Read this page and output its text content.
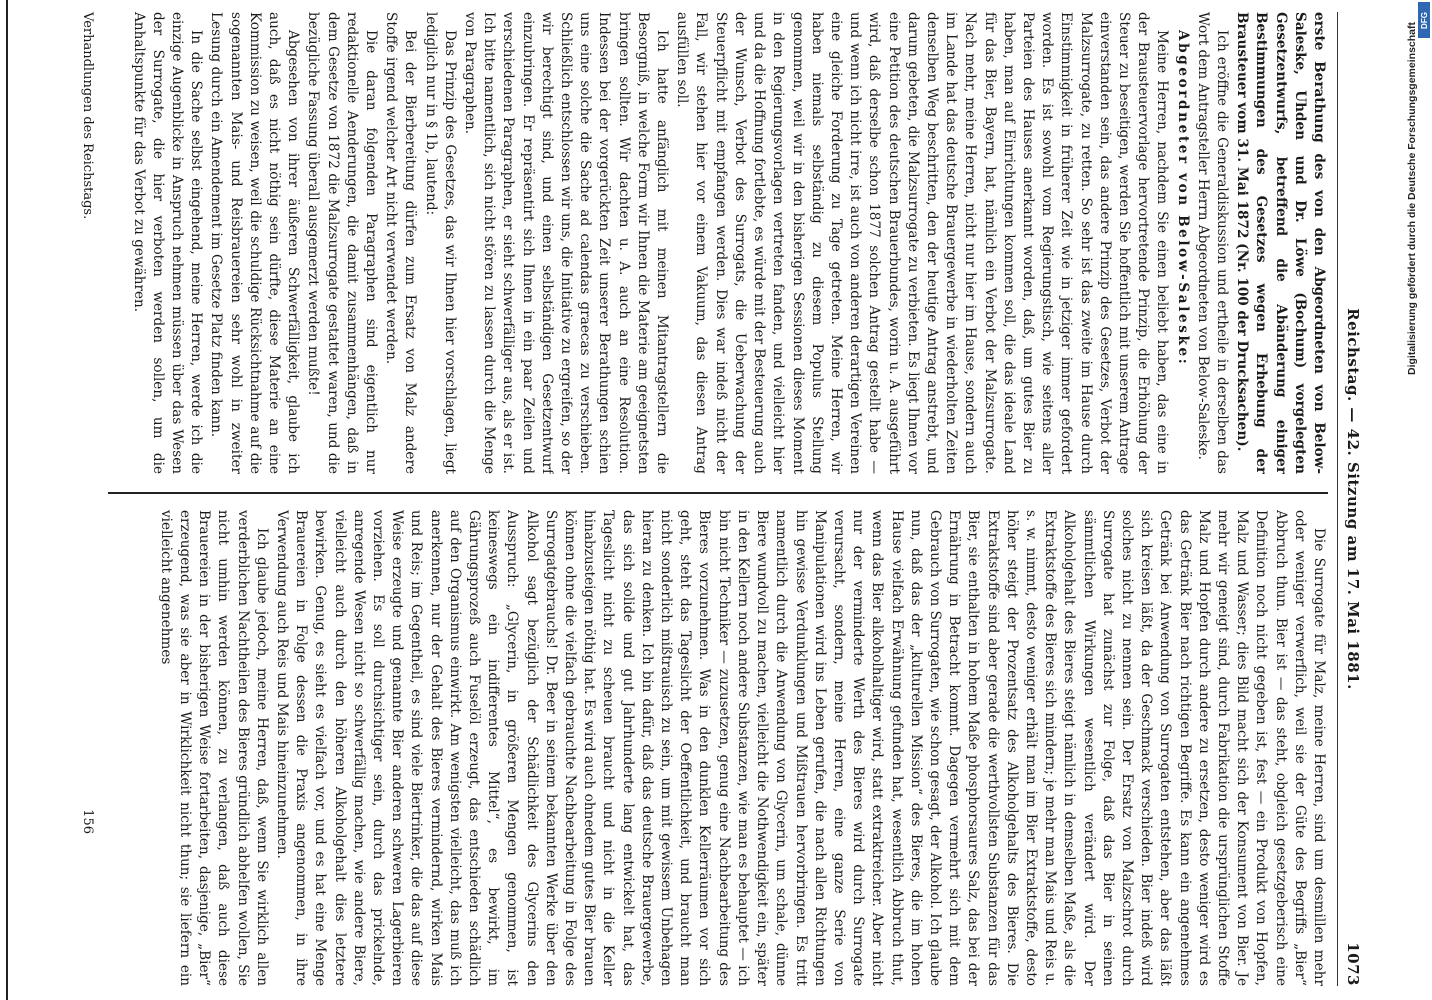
Reichstag. — 42. Sitzung am 17. Mai 1881.
1073

erste Berathung des von den Abgeordneten von Below-Saleske, Uhden und Dr. Löwe (Bochum) vorgelegten Gesetzentwurfs, betreffend die Abänderung einiger Bestimmungen des Gesetzes wegen Erhebung der Brausteuer vom 31. Mai 1872 (Nr. 100 der Drucksachen).

Ich eröffne die Generaldiskussion und ertheile in derselben das Wort dem Antragsteller Herrn Abgeordneten von Below-Saleske.

Abgeordneter von Below-Saleske:

Meine Herren, nachdem Sie einen beliebt haben, das eine in der Brausteuervorlage hervortretende Prinzip, die Erhöhung der Steuer zu beseitigen, werden Sie hoffentlich mit unserem Antrage einverstanden sein, das andere Prinzip des Gesetzes, Verbot der Malzsurrogate, zu retten. So sehr ist das zweite im Hause durch Einstimmigkeit in früherer Zeit wie in jetziger immer gefordert worden. Es ist sowohl vom Regierungstisch, wie seitens aller Parteien des Hauses anerkannt worden, daß, um gutes Bier zu haben, man auf Einrichtungen kommen soll, die das ideale Land für das Bier, Bayern, hat, nämlich ein Verbot der Malzsurrogate. Nach mehr, meine Herren, nicht nur hier im Hause, sondern auch im Lande hat das deutsche Brauergewerbe in wiederholten Zeiten denselben Weg beschritten, den der heutige Antrag anstrebt, und darum gebeten, die Malzsurrogate zu verbieten. Es liegt Ihnen vor eine Petition des deutschen Brauerbundes, worin u. A. ausgeführt wird, daß derselbe schon 1877 solchen Antrag gestellt habe — und wenn ich nicht irre, ist auch von anderen derartigen Vereinen eine gleiche Forderung zu Tage getreten. Meine Herren, wir haben niemals selbständig zu diesem Populus Stellung genommen, weil wir in den bisherigen Sessionen dieses Moment in den Regierungsvorlagen vertreten fanden, und vielleicht hier und da die Hoffnung fortlebte, es würde mit der Besteuerung auch der Wunsch, Verbot des Surrogats, die Ueberwachung der Steuerpflicht mit empfangen werden. Dies war indeß nicht der Fall, wir stehen hier vor einem Vakuum, das diesen Antrag ausfüllen soll.

Ich hatte anfänglich mit meinen Mitantragstellern die Besorgniß, in welche Form wir Ihnen die Materie am geeignetsten bringen sollten. Wir dachten u. A. auch an eine Resolution. Indessen bei der vorgerückten Zeit unserer Berathungen schien uns eine solche die Sache ad calendas graecas zu verschieben. Schließlich entschlossen wir uns, die Initiative zu ergreifen, so der wir berechtigt sind, und einen selbständigen Gesetzentwurf einzubringen. Er repräsentirt sich Ihnen in ein paar Zeilen und verschiedenen Paragraphen, er sieht schwerfälliger aus, als er ist. Ich bitte namentlich, sich nicht stören zu lassen durch die Menge von Paragraphen.

Das Prinzip des Gesetzes, das wir Ihnen hier vorschlagen, liegt lediglich nur in § 1b, lautend:

Bei der Bierbereitung dürfen zum Ersatz von Malz andere Stoffe irgend welcher Art nicht verwendet werden.

Die daran folgenden Paragraphen sind eigentlich nur redaktionelle Aenderungen, die damit zusammenhängen, daß in dem Gesetze von 1872 die Malzsurrogate gestattet waren, und die bezügliche Fassung überall ausgemerzt werden mußte!

Abgesehen von ihrer äußeren Schwerfälligkeit, glaube ich auch, daß es nicht nöthig sein dürfte, diese Materie an eine Kommission zu weisen, weil die schuldige Rücksichtnahme auf die sogenannten Mais- und Reisbrauereien sehr wohl in zweiter Lesung durch ein Amendement im Gesetze Platz finden kann.

In die Sache selbst eingehend, meine Herren, werde ich die einzige Augenblicke in Anspruch nehmen müssen über das Wesen der Surrogate, die hier verboten werden sollen, um die Anhaltspunkte für das Verbot zu gewähren.

Die Surrogate für Malz, meine Herren, sind um desmillen mehr oder weniger verwerflich, weil sie der Güte des Begriffs „Bier“ Abbruch thun. Bier ist — das steht, obgleich gesetzgeberisch eine Definition noch nicht gegeben ist, fest — ein Produkt von Hopfen, Malz und Wasser; dies Bild macht sich der Konsument von Bier. Je mehr wir geneigt sind, durch Fabrikation die ursprünglichen Stoffe Malz und Hopfen durch andere zu ersetzen, desto weniger wird es das Getränk Bier nach richtigen Begriffe. Es kann ein angenehmes Getränk bei Anwendung von Surrogaten entstehen, aber das läßt sich kreisen läßt, da der Geschmack verschieden. Bier indeß wird solches nicht zu nennen sein. Der Ersatz von Malzschrot durch Surrogate hat zunächst zur Folge, daß das Bier in seinen sämmtlichen Wirkungen wesentlich verändert wird. Der Alkoholgehalt des Bieres steigt nämlich in demselben Maße, als die Extraktstoffe des Bieres sich mindern; je mehr man Mais und Reis u. s. w. nimmt, desto weniger erhält man im Bier Extraktstoffe, desto höher steigt der Prozentsatz des Alkoholgehalts des Bieres. Die Extraktstoffe sind aber gerade die werthvollsten Substanzen für das Bier, sie enthalten in hohem Maße phosphorsaures Salz, das bei der Ernährung in Betracht kommt. Dagegen vermehrt sich mit dem Gebrauch von Surrogaten, wie schon gesagt, der Alkohol. Ich glaube nun, daß das der „kulturellen Mission“ des Bieres, die im hohen Hause vielfach Erwähnung gefunden hat, wesentlich Abbruch thut, wenn das Bier alkoholhaltiger wird, statt extraktreicher. Aber nicht nur der verminderte Werth des Bieres wird durch Surrogate verursacht, sondern, meine Herren, eine ganze Serie von Manipulationen wird ins Leben gerufen, die nach allen Richtungen hin gewisse Verdunklungen und Mißtrauen hervorbringen. Es tritt namentlich durch die Anwendung von Glycerin, um schale, dünne Biere wundvoll zu machen, vielleicht die Nothwendigkeit ein, später in den Kellern noch andere Substanzen, wie man es behauptet — ich bin nicht Techniker — zuzusetzen, genug eine Nachbearbeitung des Bieres vorzunehmen. Was in den dunklen Kellerräumen vor sich geht, steht das Tageslicht der Oeffentlichkeit, und braucht man nicht sonderlich mißtrauisch zu sein, um mit gewissem Unbehagen hieran zu denken. Ich bin dafür, daß das deutsche Brauergewerbe, das sich solide und gut Jahrhunderte lang entwickelt hat, das Tageslicht nicht zu scheuen braucht und nicht in die Keller hinabzusteigen nöthig hat. Es wird auch ohnedem gutes Bier brauen können ohne die vielfach gebrauchte Nachbearbeitung in Folge des Surrogatgebrauchs! Dr. Beer in seinem bekannten Werke über den Alkohol sagt bezüglich der Schädlichkeit des Glycerins den Ausspruch: „Glycerin, in größeren Mengen genommen, ist keineswegs ein indifferentes Mittel“, es bewirkt, im Gährungsprozeß auch Fuselöl erzeugt, das entschieden schädlich auf den Organismus einwirkt. Am wenigsten vielleicht, das muß ich anerkennen, nur der Gehalt des Bieres vermindernd, wirken Mais und Reis; im Gegentheil, es sind viele Biertrinker, die das auf diese Weise erzeugte und genannte Bier anderen schweren Lagerbieren vorziehen. Es soll durchsichtiger sein, durch das prickelnde, anregende Wesen nicht so schwerfällig machen, wie andere Biere, vielleicht auch durch den höheren Alkoholgehalt dies letztere bewirken. Genug, es sieht es vielfach vor, und es hat eine Menge Brauereien in Folge dessen die Praxis angenommen, in ihre Verwendung auch Reis und Mais hineinzunehmen.

Ich glaube jedoch, meine Herren, daß, wenn Sie wirklich allen verderblichen Nachtheilen des Bieres gründlich abhelfen wollen, Sie nicht umhin werden können, zu verlangen, daß auch diese Brauereien in der bisherigen Weise fortarbeiten, dasjenige, „Bier“ erzeugend, was sie aber in Wirklichkeit nicht thun; sie liefern ein vielleicht angenehmes

156
Verhandlungen des Reichstags.	Digitalisierung gefördert durch die Deutsche Forschungsgemeinschaft
DFG
